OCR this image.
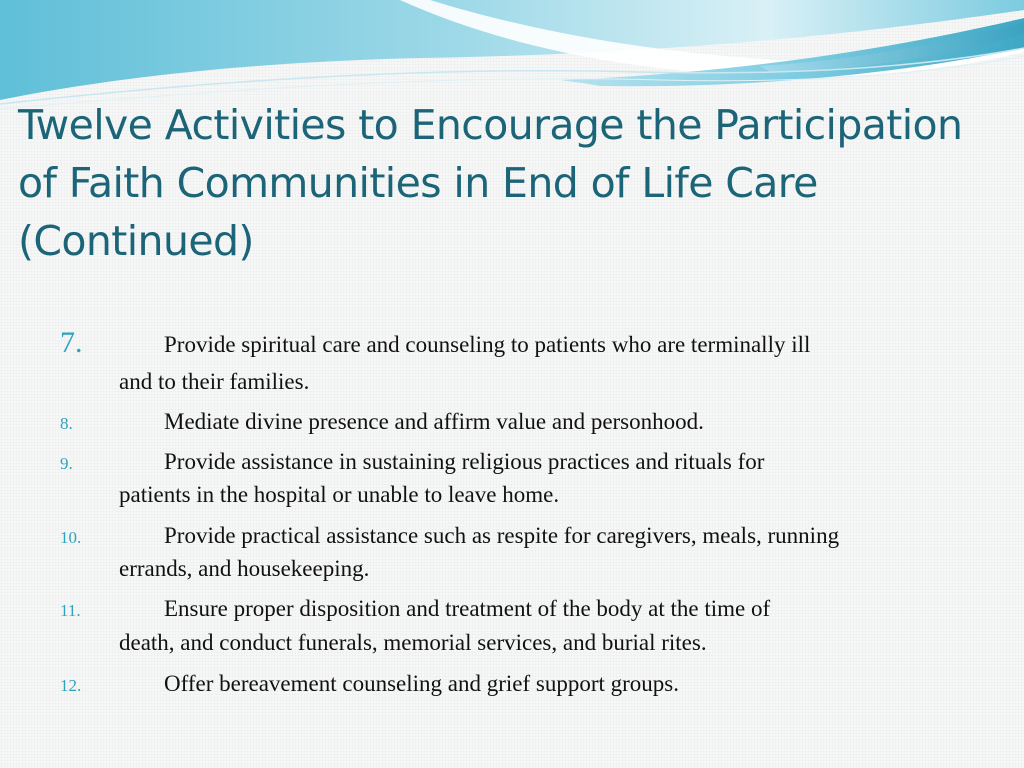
Twelve Activities to Encourage the Participation
of Faith Communities in End of Life Care
(Continued)
7.	Provide spiritual care and counseling to patients who are terminally ill
and to their families.
8.	Mediate divine presence and affirm value and personhood.
9.	Provide assistance in sustaining religious practices and rituals for
patients in the hospital or unable to leave home.
10.	Provide practical assistance such as respite for caregivers, meals, running
errands, and housekeeping.
11.	Ensure proper disposition and treatment of the body at the time of
death, and conduct funerals, memorial services, and burial rites.
12.	Offer bereavement counseling and grief support groups.
